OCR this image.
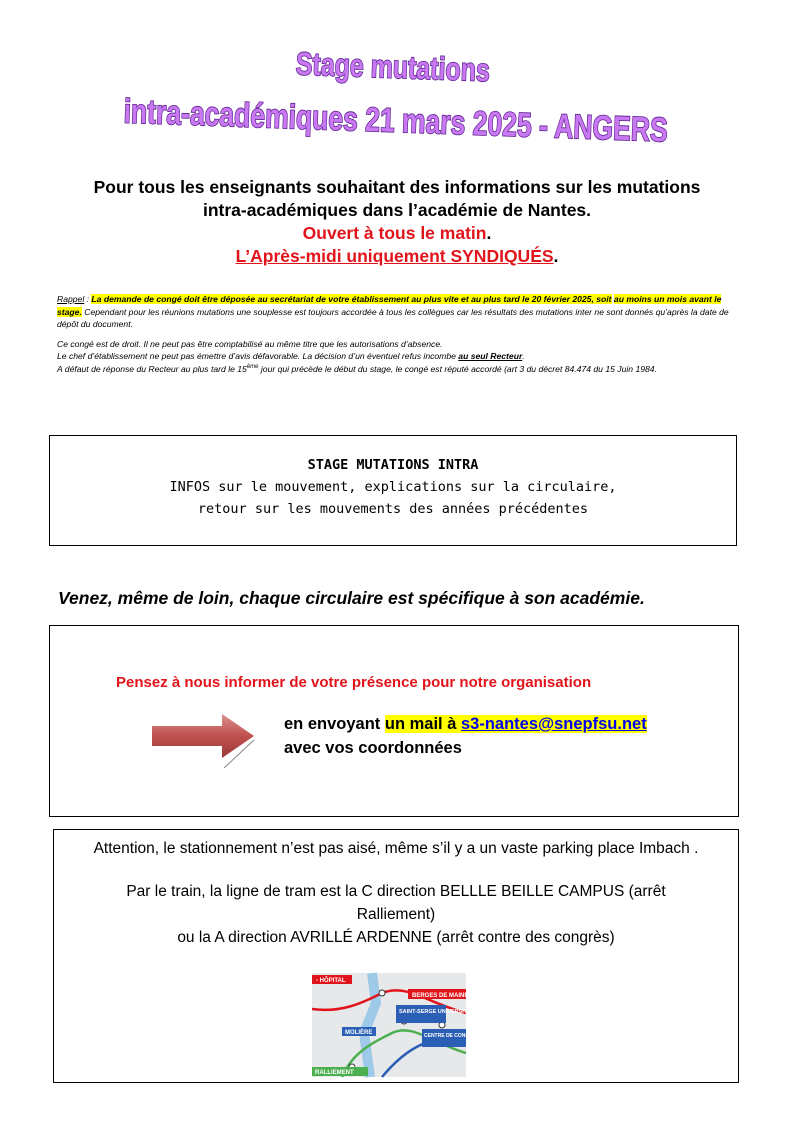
Stage mutations
intra-académiques 21 mars 2025 - ANGERS
Pour tous les enseignants souhaitant des informations sur les mutations
intra-académiques dans l’académie de Nantes.
Ouvert à tous le matin.
L’Après-midi uniquement SYNDIQUÉS.

Rappel : La demande de congé doit être déposée au secrétariat de votre établissement au plus vite et au plus tard le 20 février 2025, soit au moins un mois avant le stage. Cependant pour les réunions mutations une souplesse est toujours accordée à tous les collègues car les résultats des mutations inter ne sont donnés qu’après la date de dépôt du document.

Ce congé est de droit. Il ne peut pas être comptabilisé au même titre que les autorisations d’absence.
Le chef d’établissement ne peut pas émettre d’avis défavorable. La décision d’un éventuel refus incombe au seul Recteur.
A défaut de réponse du Recteur au plus tard le 15ème jour qui précède le début du stage, le congé est réputé accordé (art 3 du décret 84.474 du 15 Juin 1984.

STAGE MUTATIONS INTRA
INFOS sur le mouvement, explications sur la circulaire,
retour sur les mouvements des années précédentes
Venez, même de loin, chaque circulaire est spécifique à son académie.
Pensez à nous informer de votre présence pour notre organisation
en envoyant un mail à s3-nantes@snepfsu.net
avec vos coordonnées

Attention, le stationnement n’est pas aisé, même s’il y a un vaste parking place Imbach .

Par le train, la ligne de tram est la C direction BELLLE BEILLE CAMPUS (arrêt Ralliement)

ou la A direction AVRILLÉ ARDENNE (arrêt contre des congrès)

- HÔPITAL
BERGES DE MAINE
SAINT-SERGE UNIVERSITÉ
MOLIÈRE	CENTRE DE CONGRÈS
RALLIEMENT
